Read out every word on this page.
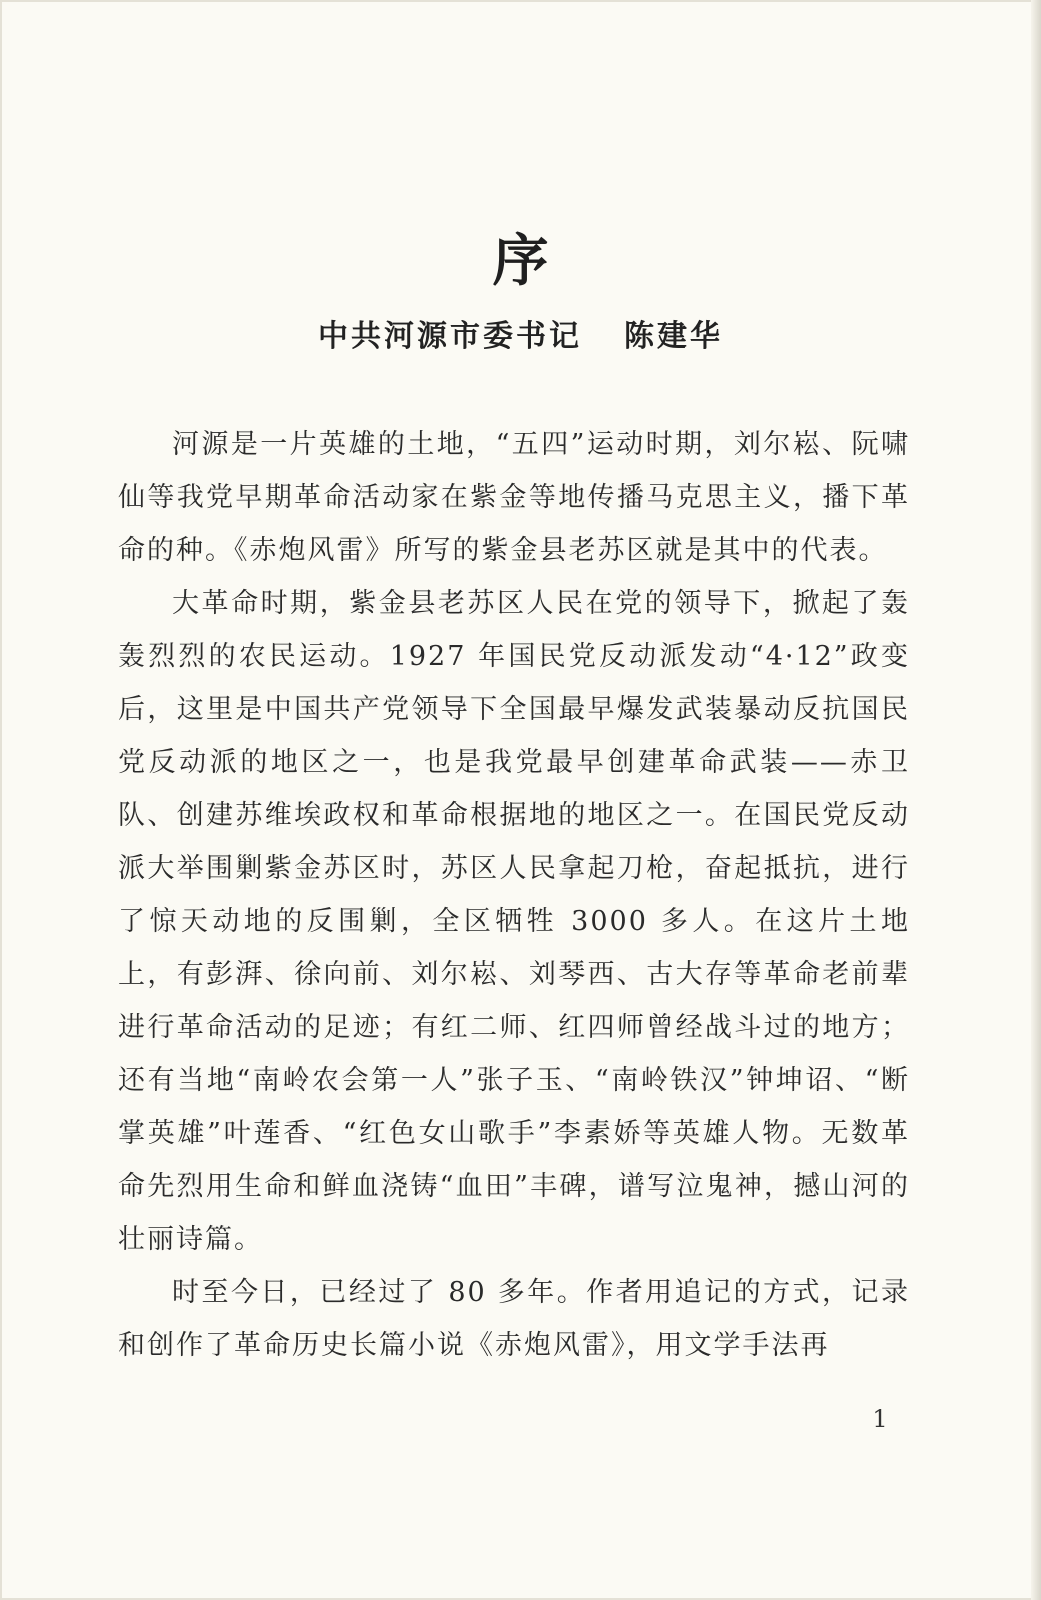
序
中共河源市委书记 陈建华

河源是一片英雄的土地，“五四”运动时期，刘尔崧、阮啸仙等我党早期革命活动家在紫金等地传播马克思主义，播下革命的种。《赤炮风雷》所写的紫金县老苏区就是其中的代表。

大革命时期，紫金县老苏区人民在党的领导下，掀起了轰轰烈烈的农民运动。1927 年国民党反动派发动“4·12”政变后，这里是中国共产党领导下全国最早爆发武装暴动反抗国民党反动派的地区之一，也是我党最早创建革命武装——赤卫队、创建苏维埃政权和革命根据地的地区之一。在国民党反动派大举围剿紫金苏区时，苏区人民拿起刀枪，奋起抵抗，进行了惊天动地的反围剿，全区牺牲 3000 多人。在这片土地上，有彭湃、徐向前、刘尔崧、刘琴西、古大存等革命老前辈进行革命活动的足迹；有红二师、红四师曾经战斗过的地方；还有当地“南岭农会第一人”张子玉、“南岭铁汉”钟坤诏、“断掌英雄”叶莲香、“红色女山歌手”李素娇等英雄人物。无数革命先烈用生命和鲜血浇铸“血田”丰碑，谱写泣鬼神，撼山河的壮丽诗篇。

时至今日，已经过了 80 多年。作者用追记的方式，记录和创作了革命历史长篇小说《赤炮风雷》，用文学手法再

1
